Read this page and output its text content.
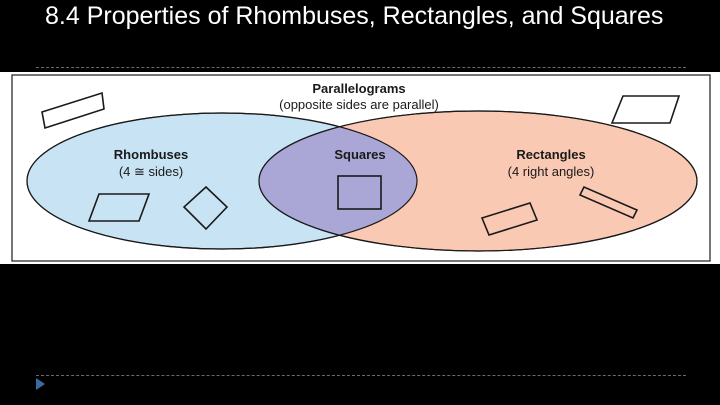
8.4 Properties of Rhombuses, Rectangles, and Squares
Parallelograms
(opposite sides are parallel)
Rhombuses
(4 ≅ sides)
Squares	Rectangles
(4 right angles)
